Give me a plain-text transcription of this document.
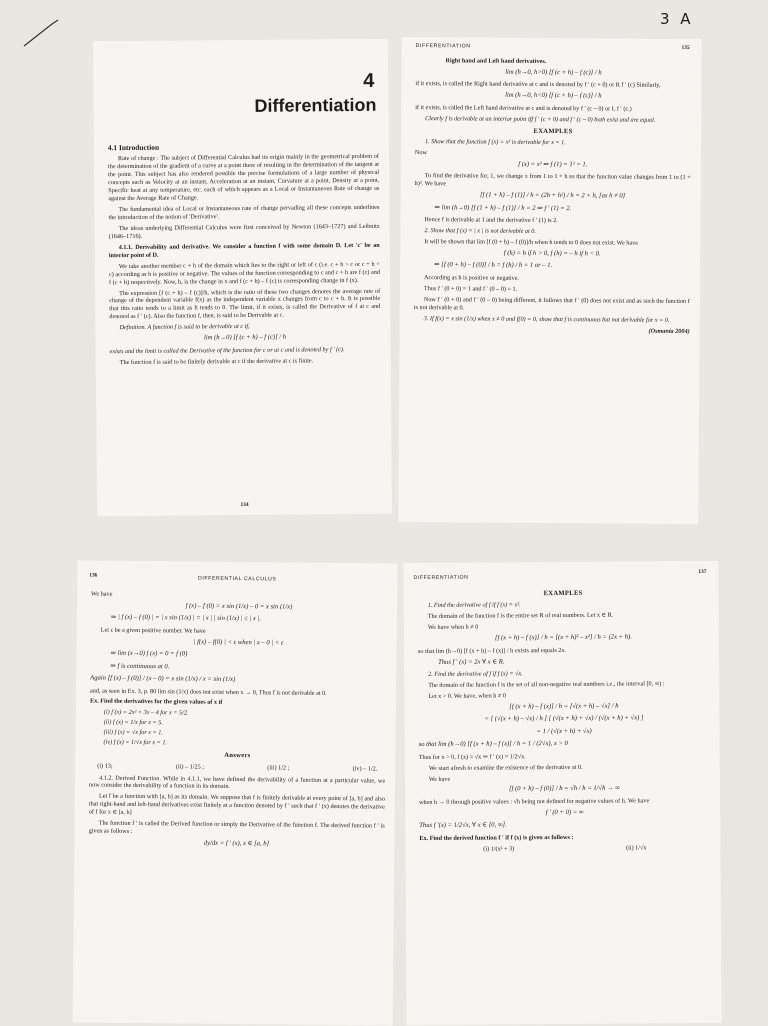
3 A
4
Differentiation
4.1 Introduction

Rate of change : The subject of Differential Calculus had its origin mainly in the geometrical problem of the determination of the gradient of a curve at a point there of resulting in the determination of the tangent at the point. This subject has also rendered possible the precise formulations of a large number of physical concepts such as Velocity at an instant, Acceleration at an instant, Curvature at a point, Density at a point, Specific heat at any temperature, etc. each of which appears as a Local or Instantaneous Rate of change as against the Average Rate of Change.

The fundamental idea of Local or Instantaneous rate of change pervading all these concepts underlines the introduction of the notion of 'Derivative'.

The ideas underlying Differential Calculus were first conceived by Newton (1643–1727) and Leibnitz (1646–1716).

4.1.1. Derivability and derivative. We consider a function f with some domain D. Let 'c' be an interior point of D.

We take another member c + h of the domain which lies to the right or left of c (i.e. c + h > c or c + h < c) according as h is positive or negative. The values of the function corresponding to c and c + h are f (c) and f (c + h) respectively. Now, h, is the change in x and f (c + h) – f (c) is corresponding change in f (x).

The expression [f (c + h) – f (c)]/h, which is the ratio of these two changes denotes the average rate of change of the dependent variable f(x) as the independent variable x changes from c to c + h. It is possible that this ratio tends to a limit as h tends to 0. The limit, if it exists, is called the Derivative of f at c and denoted as f ′ (c). Also the function f, then, is said to be Derivable at c.

Definition. A function f is said to be derivable at c if,

lim (h→0) [f (c + h) – f (c)] / h

exists and the limit is called the Derivative of the function for c or at c and is denoted by f ′ (c).

The function f is said to be finitely derivable at c if the derivative at c is finite.

134
DIFFERENTIATION	135

Right hand and Left hand derivatives.

lim (h→0, h>0) [f (c + h) – f (c)] / h

if it exists, is called the Right hand derivative at c and is denoted by f ′ (c + 0) or R f ′ (c) Similarly,

lim (h→0, h<0) [f (c + h) – f (c)] / h

if it exists, is called the Left hand derivative at c and is denoted by f ′ (c – 0) or L f ′ (c.)

Clearly f is derivable at an interior point iff f ′ (c + 0) and f ′ (c – 0) both exist and are equal.

EXAMPLES

1. Show that the function f (x) = x² is derivable for x = 1.

Now

f (x) = x² ⇒ f (1) = 1² = 1.

To find the derivative for, 1, we change x from 1 to 1 + h so that the function value changes from 1 to (1 + h)². We have

[f (1 + h) – f (1)] / h = (2h + h²) / h = 2 + h, [as h ≠ 0]
⇒ lim (h→0) [f (1 + h) – f (1)] / h = 2 ⇒ f ′ (1) = 2.

Hence f is derivable at 1 and the derivative f ′ (1) is 2.

2. Show that f (x) = | x | is not derivable at 0.

It will be shown that lim [f (0 + h) – f (0)]/h when h tends to 0 does not exist. We have

f (h) = h if h > 0, f (h) = – h if h < 0.
⇒ [f (0 + h) – f (0)] / h = f (h) / h = 1 or – 1.

According as h is positive or negative.

Thus f ′ (0 + 0) = 1 and f ′ (0 – 0) = 1.

Now f ′ (0 + 0) and f ′ (0 – 0) being different, it follows that f ′ (0) does not exist and as such the function f is not derivable at 0.

3. If f(x) = x sin (1/x) when x ≠ 0 and f(0) = 0, show that f is continuous but not derivable for x = 0.

(Osmania 2004)

136
DIFFERENTIAL CALCULUS

We have

f (x) – f (0) = x sin (1/x) – 0 = x sin (1/x)
⇒ | f (x) – f (0) | = | x sin (1/x) | = | x | | sin (1/x) | ≤ | x |.

Let ε be a given positive number. We have

| f(x) – f(0) | < ε when | x – 0 | < ε
⇒ lim (x→0) f (x) = 0 = f (0)
⇒ f is continuous at 0.
Again [f (x) – f (0)] / (x – 0) = x sin (1/x) / x = sin (1/x)

and, as seen in Ex. 3, p. 80 lim sin (1/x) does not exist when x → 0, Thus f is not derivable at 0.

Ex. Find the derivatives for the given values of x if

(i) f (x) = 2x² + 3x – 4 for x = 5/2.
(ii) f (x) = 1/x for x = 5.
(iii) f (x) = √x for x = 1.
(iv) f (x) = 1/√x for x = 1.
Answers
(i) 13;	(ii) – 1/25 ;	(iii) 1/2 ;	(iv) – 1/2.

4.1.2. Derived Function. While in 4.1.1, we have defined the derivability of a function at a particular value, we now consider the derivability of a function in its domain.

Let f be a function with [a, b] as its domain. We suppose that f is finitely derivable at every point of [a, b] and also that right-hand and left-hand derivatives exist finitely at a function denoted by f ′ such that f ′ (x) denotes the derivative of f for x ∈ [a, b]

The function f ′ is called the Derived function or simply the Derivative of the function f. The derived function f ′ is given as follows :

dy/dx = f ′ (x), x ∈ [a, b]
DIFFERENTIATION
137
EXAMPLES

1. Find the derivative of f if f (x) = x².

The domain of the function f is the entire set R of real numbers. Let x ∈ R.

We have when h ≠ 0

[f (x + h) – f (x)] / h = [(x + h)² – x²] / h = (2x + h).

so that lim (h→0) [f (x + h) – f (x)] / h exists and equals 2x.

Thus f ′ (x) = 2x ∀ x ∈ R.

2. Find the derivative of f if f (x) = √x.

The domain of the function f is the set of all non-negative real numbers i.e., the interval [0, ∞) :

Let x > 0. We have, when h ≠ 0

[f (x + h) – f (x)] / h = [√(x + h) – √x] / h
= [ (√(x + h) – √x) / h ] [ (√(x + h) + √x) / (√(x + h) + √x) ]
= 1 / (√(x + h) + √x)
so that lim (h→0) [f (x + h) – f (x)] / h = 1 / (2√x), x > 0

Thus for x > 0, f (x) = √x ⇒ f ′ (x) = 1/2√x.

We start afresh to examine the existence of the derivative at 0.

We have

[f (0 + h) – f (0)] / h = √h / h = 1/√h → ∞

when h → 0 through positive values : √h being not defined for negative values of h. We have

f ′ (0 + 0) = ∞
Thus f ′(x) = 1/2√x, ∀ x ∈ [0, ∞].

Ex. Find the derived function f ′ if f (x) is given as follows :

(i) 1/(x² + 3)	(ii) 1/√x
